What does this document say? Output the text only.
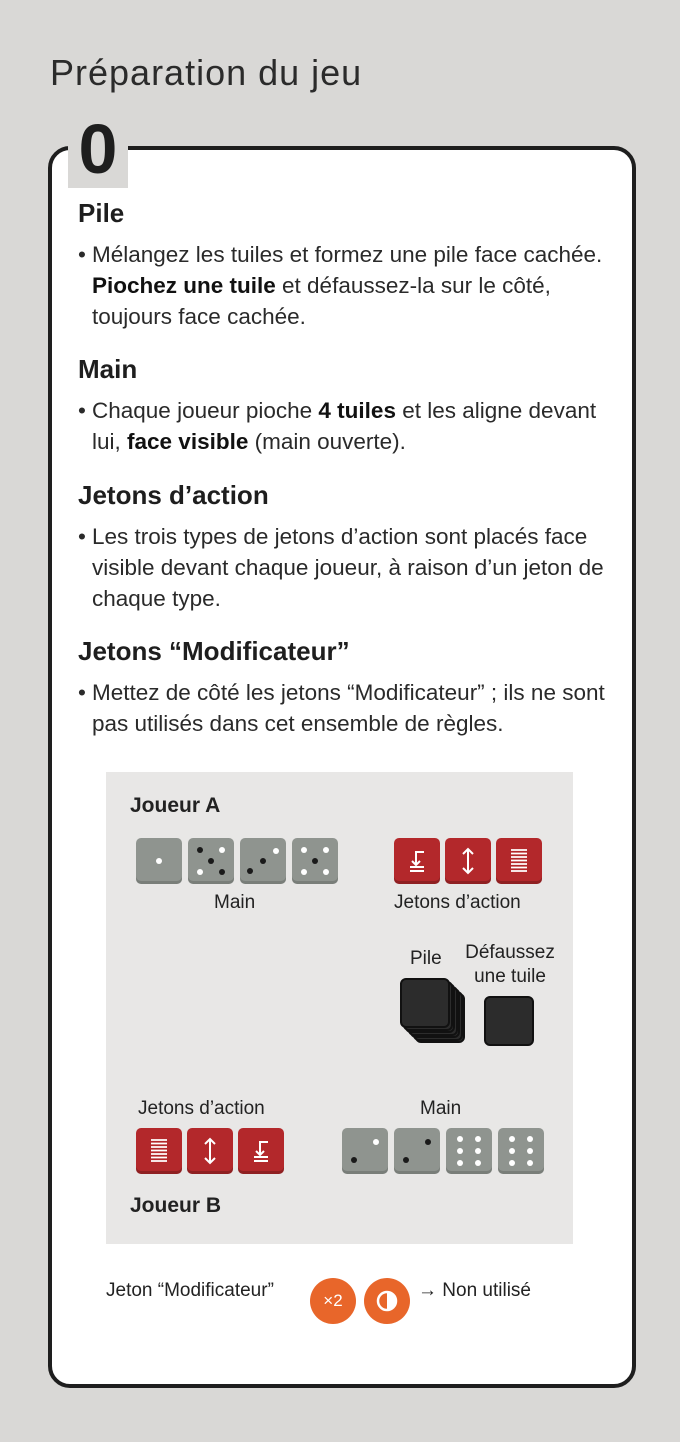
Préparation du jeu
0
Pile
• Mélangez les tuiles et formez une pile face cachée. Piochez une tuile et défaussez-la sur le côté, toujours face cachée.
Main
• Chaque joueur pioche 4 tuiles et les aligne devant lui, face visible (main ouverte).
Jetons d’action
• Les trois types de jetons d’action sont placés face visible devant chaque joueur, à raison d’un jeton de chaque type.
Jetons “Modificateur”
• Mettez de côté les jetons “Modificateur” ; ils ne sont pas utilisés dans cet ensemble de règles.
Joueur A
Main	Jetons d’action
Pile Défaussez
une tuile
Jetons d’action	Main
Joueur B
Jeton “Modificateur”	×2	→ Non utilisé
